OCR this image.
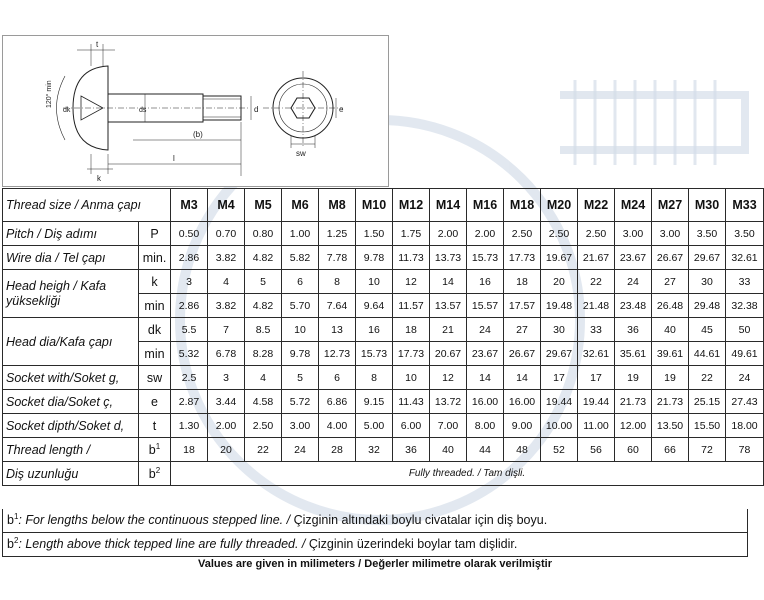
t
120° min
dk	ds	d
(b)
l
k
e
sw
Thread size / Anma çapı		M3	M4	M5	M6	M8	M10	M12	M14	M16	M18	M20	M22	M24	M27	M30	M33
Pitch / Diş adımı	P	0.50	0.70	0.80	1.00	1.25	1.50	1.75	2.00	2.00	2.50	2.50	2.50	3.00	3.00	3.50	3.50
Wire dia / Tel çapı	min.	2.86	3.82	4.82	5.82	7.78	9.78	11.73	13.73	15.73	17.73	19.67	21.67	23.67	26.67	29.67	32.61
Head heigh / Kafa yüksekliği	k	3	4	5	6	8	10	12	14	16	18	20	22	24	27	30	33
	min	2.86	3.82	4.82	5.70	7.64	9.64	11.57	13.57	15.57	17.57	19.48	21.48	23.48	26.48	29.48	32.38
Head dia/Kafa çapı	dk	5.5	7	8.5	10	13	16	18	21	24	27	30	33	36	40	45	50
	min	5.32	6.78	8.28	9.78	12.73	15.73	17.73	20.67	23.67	26.67	29.67	32.61	35.61	39.61	44.61	49.61
Socket with/Soket g,	sw	2.5	3	4	5	6	8	10	12	14	14	17	17	19	19	22	24
Socket dia/Soket ç,	e	2.87	3.44	4.58	5.72	6.86	9.15	11.43	13.72	16.00	16.00	19.44	19.44	21.73	21.73	25.15	27.43
Socket dipth/Soket d,	t	1.30	2.00	2.50	3.00	4.00	5.00	6.00	7.00	8.00	9.00	10.00	11.00	12.00	13.50	15.50	18.00
Thread length /	$b^1$	18	20	22	24	28	32	36	40	44	48	52	56	60	66	72	78
Diş uzunluğu	$b^2$	Fully threaded. / Tam dişli.															
$b^1$: For lengths below the continuous stepped line. / Çizginin altındaki boylu civatalar için diş boyu.
$b^2$: Length above thick tepped line are fully threaded. / Çizginin üzerindeki boylar tam dişlidir.
Values are given in milimeters / Değerler milimetre olarak verilmiştir
